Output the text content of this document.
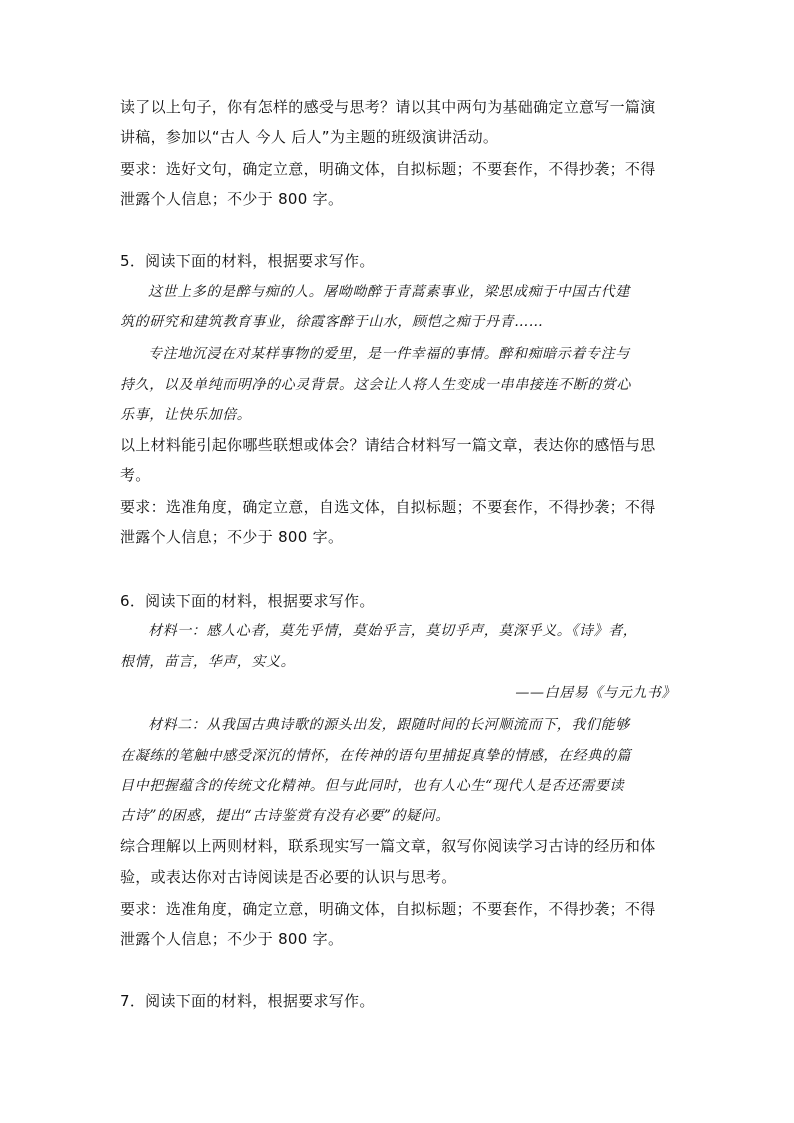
读了以上句子，你有怎样的感受与思考？请以其中两句为基础确定立意写一篇演
讲稿，参加以“古人 今人 后人”为主题的班级演讲活动。
要求：选好文句，确定立意，明确文体，自拟标题；不要套作，不得抄袭；不得
泄露个人信息；不少于 800 字。
5．阅读下面的材料，根据要求写作。
这世上多的是醉与痴的人。屠呦呦醉于青蒿素事业，梁思成痴于中国古代建
筑的研究和建筑教育事业，徐霞客醉于山水，顾恺之痴于丹青……
专注地沉浸在对某样事物的爱里，是一件幸福的事情。醉和痴暗示着专注与
持久，以及单纯而明净的心灵背景。这会让人将人生变成一串串接连不断的赏心
乐事，让快乐加倍。
以上材料能引起你哪些联想或体会？请结合材料写一篇文章，表达你的感悟与思
考。
要求：选准角度，确定立意，自选文体，自拟标题；不要套作，不得抄袭；不得
泄露个人信息；不少于 800 字。
6．阅读下面的材料，根据要求写作。
材料一：感人心者，莫先乎情，莫始乎言，莫切乎声，莫深乎义。《诗》者，
根情，苗言，华声，实义。
——白居易《与元九书》
材料二：从我国古典诗歌的源头出发，跟随时间的长河顺流而下，我们能够
在凝练的笔触中感受深沉的情怀，在传神的语句里捕捉真挚的情感，在经典的篇
目中把握蕴含的传统文化精神。但与此同时，也有人心生“现代人是否还需要读
古诗”的困惑，提出“古诗鉴赏有没有必要”的疑问。
综合理解以上两则材料，联系现实写一篇文章，叙写你阅读学习古诗的经历和体
验，或表达你对古诗阅读是否必要的认识与思考。
要求：选准角度，确定立意，明确文体，自拟标题；不要套作，不得抄袭；不得
泄露个人信息；不少于 800 字。
7．阅读下面的材料，根据要求写作。
